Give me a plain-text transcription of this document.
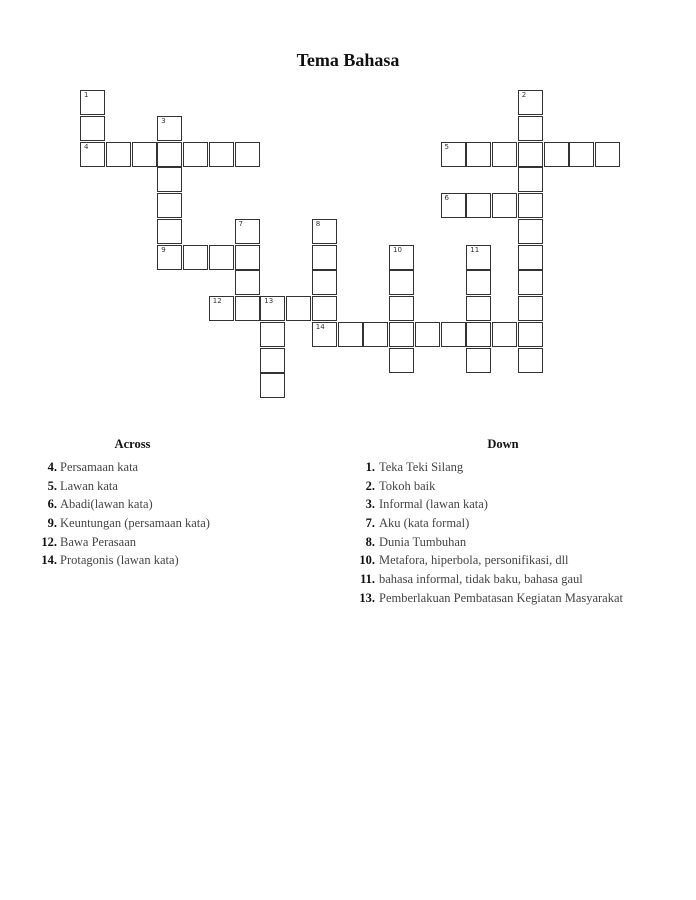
Tema Bahasa
1
4
2
3
9
5
6
7	8
14
10	11
12	13
Across
4. Persamaan kata
5. Lawan kata
6. Abadi(lawan kata)
9. Keuntungan (persamaan kata)
12. Bawa Perasaan
14. Protagonis (lawan kata)
Down
1. Teka Teki Silang
2. Tokoh baik
3. Informal (lawan kata)
7. Aku (kata formal)
8. Dunia Tumbuhan
10. Metafora, hiperbola, personifikasi, dll
11. bahasa informal, tidak baku, bahasa gaul
13. Pemberlakuan Pembatasan Kegiatan Masyarakat
